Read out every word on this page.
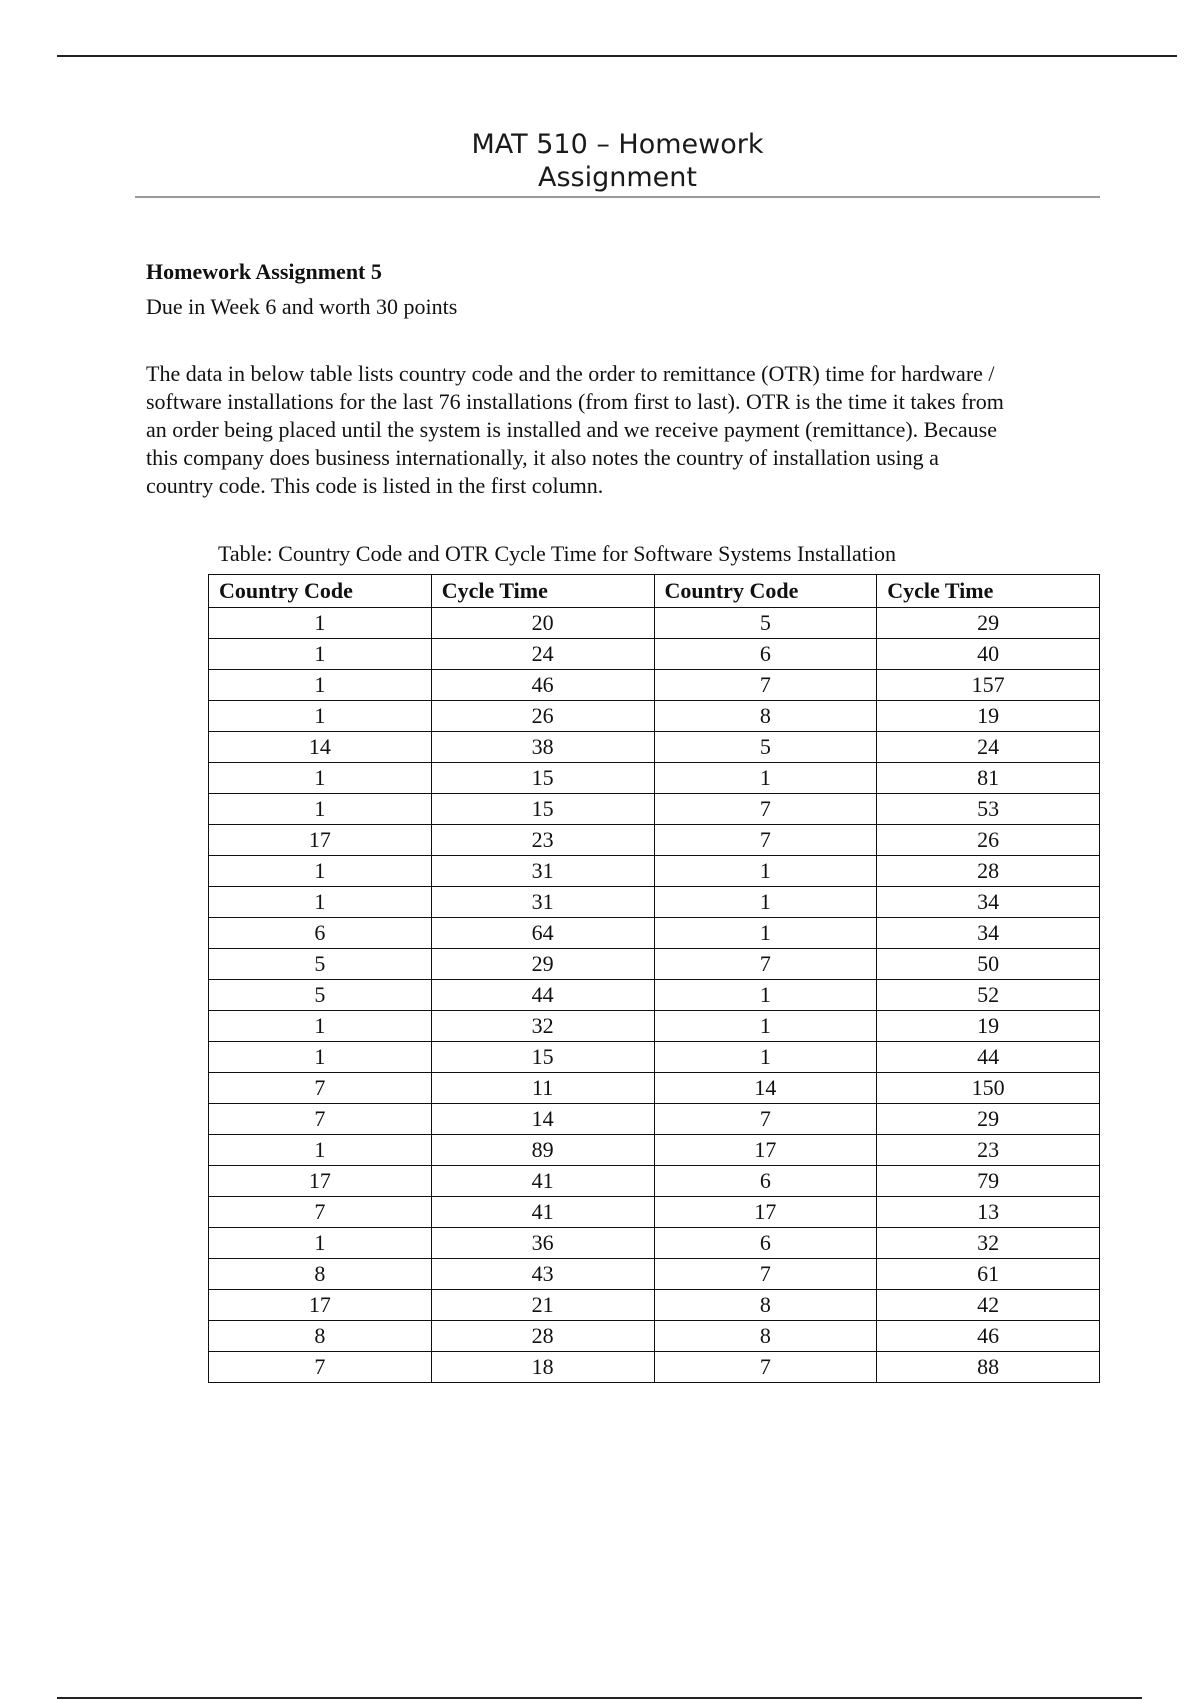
MAT 510 – Homework
Assignment
Homework Assignment 5
Due in Week 6 and worth 30 points

The data in below table lists country code and the order to remittance (OTR) time for hardware /
software installations for the last 76 installations (from first to last). OTR is the time it takes from
an order being placed until the system is installed and we receive payment (remittance). Because
this company does business internationally, it also notes the country of installation using a
country code. This code is listed in the first column.

Table: Country Code and OTR Cycle Time for Software Systems Installation
Country Code	Cycle Time	Country Code	Cycle Time
1	20	5	29
1	24	6	40
1	46	7	157
1	26	8	19
14	38	5	24
1	15	1	81
1	15	7	53
17	23	7	26
1	31	1	28
1	31	1	34
6	64	1	34
5	29	7	50
5	44	1	52
1	32	1	19
1	15	1	44
7	11	14	150
7	14	7	29
1	89	17	23
17	41	6	79
7	41	17	13
1	36	6	32
8	43	7	61
17	21	8	42
8	28	8	46
7	18	7	88
